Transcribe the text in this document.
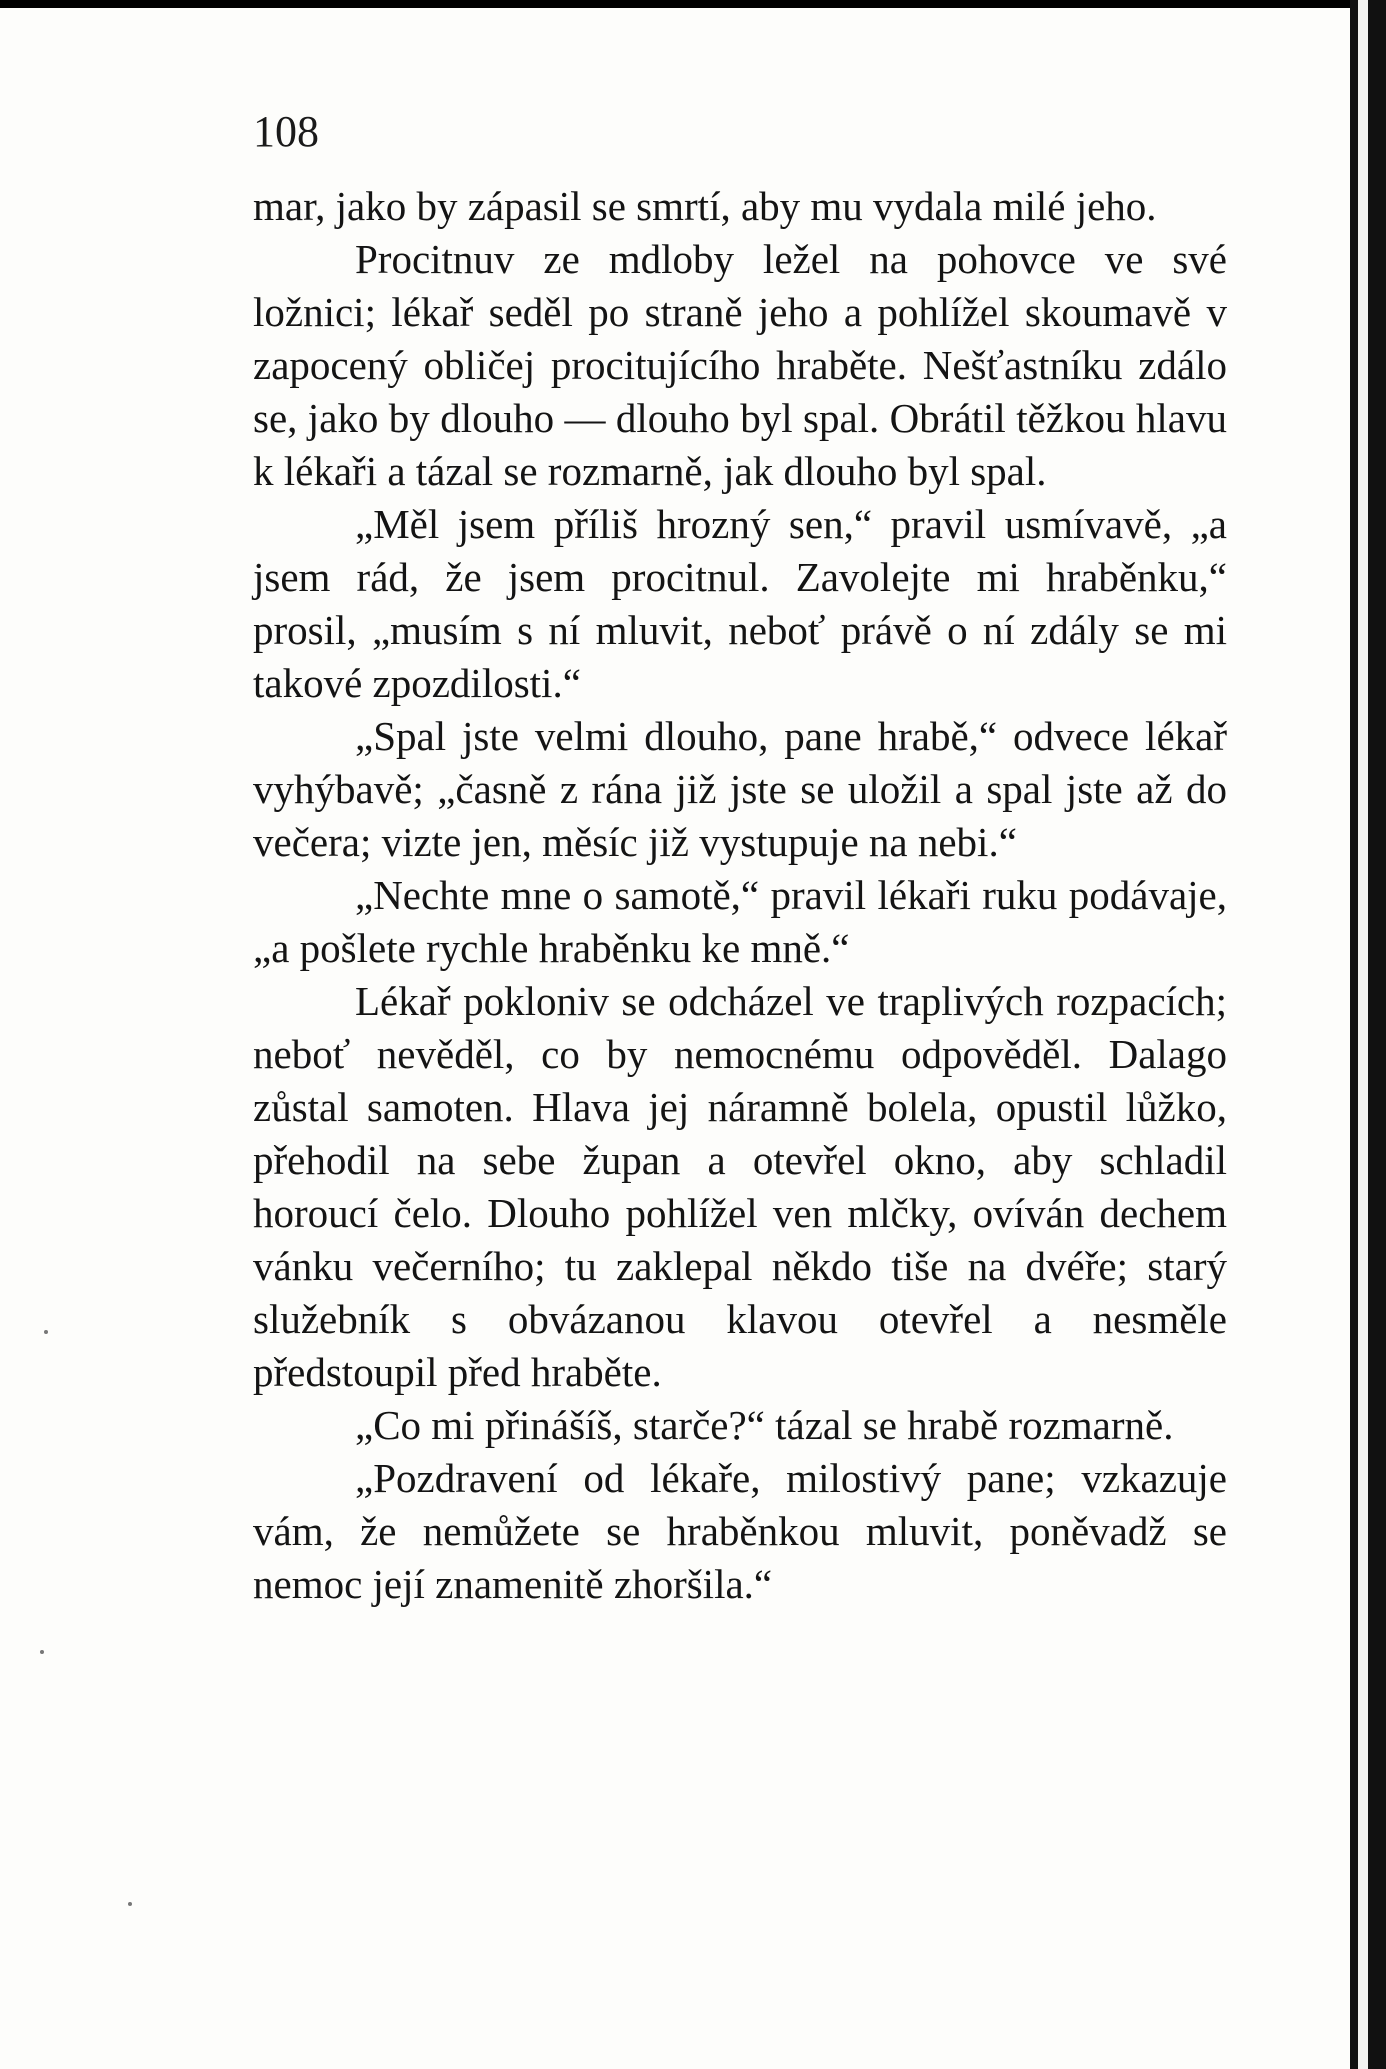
108

mar, jako by zápasil se smrtí, aby mu vydala milé jeho.

Procitnuv ze mdloby ležel na pohovce ve své ložnici; lékař seděl po straně jeho a pohlížel skoumavě v zapocený obličej procitujícího hraběte. Nešťastníku zdálo se, jako by dlouho — dlouho byl spal. Obrátil těžkou hlavu k lékaři a tázal se rozmarně, jak dlouho byl spal.

„Měl jsem příliš hrozný sen,“ pravil usmívavě, „a jsem rád, že jsem procitnul. Zavolejte mi hraběnku,“ prosil, „musím s ní mluvit, neboť právě o ní zdály se mi takové zpozdilosti.“

„Spal jste velmi dlouho, pane hrabě,“ odvece lékař vyhýbavě; „časně z rána již jste se uložil a spal jste až do večera; vizte jen, měsíc již vystupuje na nebi.“

„Nechte mne o samotě,“ pravil lékaři ruku podávaje, „a pošlete rychle hraběnku ke mně.“

Lékař pokloniv se odcházel ve traplivých rozpacích; neboť nevěděl, co by nemocnému odpověděl. Dalago zůstal samoten. Hlava jej náramně bolela, opustil lůžko, přehodil na sebe župan a otevřel okno, aby schladil horoucí čelo. Dlouho pohlížel ven mlčky, ovíván dechem vánku večerního; tu zaklepal někdo tiše na dvéře; starý služebník s obvázanou klavou otevřel a nesměle předstoupil před hraběte.

„Co mi přinášíš, starče?“ tázal se hrabě rozmarně.

„Pozdravení od lékaře, milostivý pane; vzkazuje vám, že nemůžete se hraběnkou mluvit, poněvadž se nemoc její znamenitě zhoršila.“
